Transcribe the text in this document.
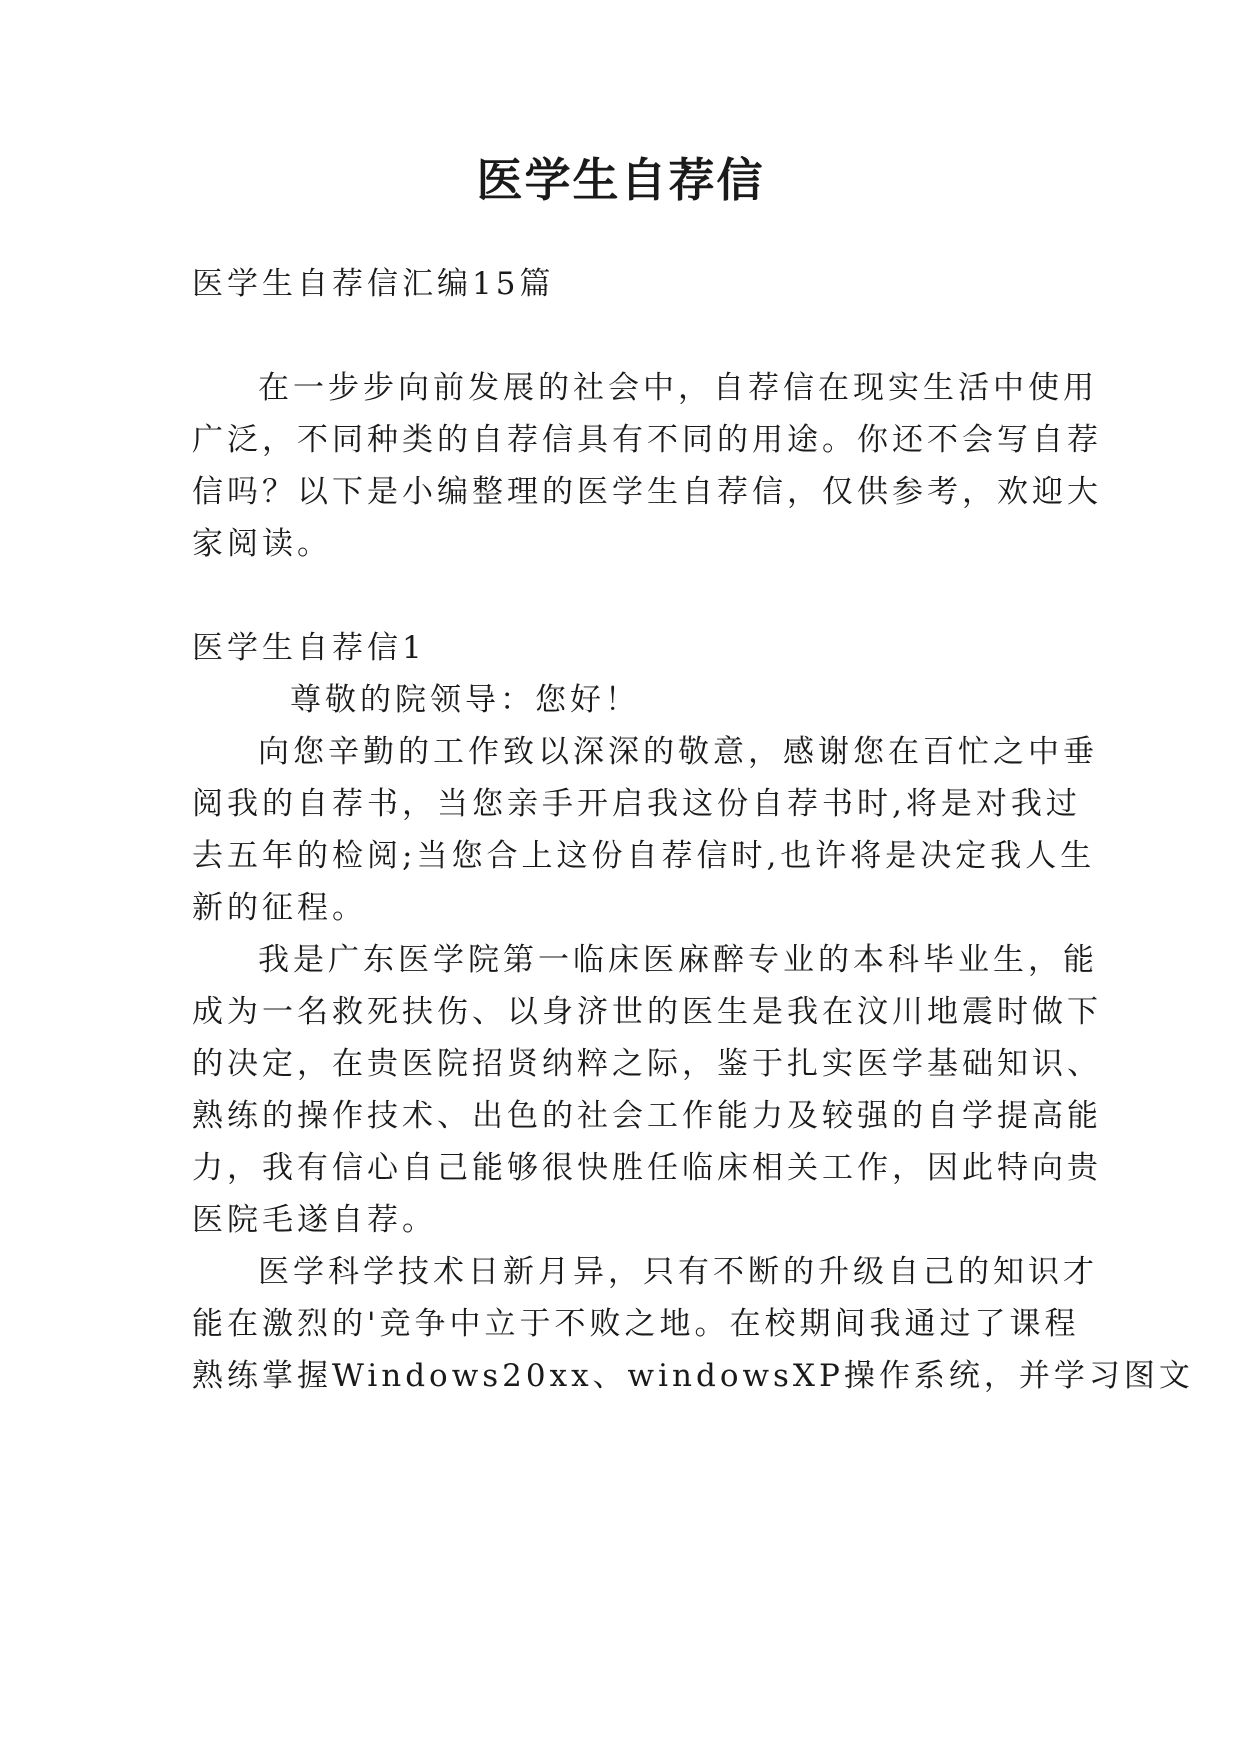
医学生自荐信

医学生自荐信汇编15篇

在一步步向前发展的社会中，自荐信在现实生活中使用

广泛，不同种类的自荐信具有不同的用途。你还不会写自荐

信吗？以下是小编整理的医学生自荐信，仅供参考，欢迎大

家阅读。

医学生自荐信1

尊敬的院领导：您好！

向您辛勤的工作致以深深的敬意，感谢您在百忙之中垂

阅我的自荐书，当您亲手开启我这份自荐书时,将是对我过

去五年的检阅;当您合上这份自荐信时,也许将是决定我人生

新的征程。

我是广东医学院第一临床医麻醉专业的本科毕业生，能

成为一名救死扶伤、以身济世的医生是我在汶川地震时做下

的决定，在贵医院招贤纳粹之际，鉴于扎实医学基础知识、

熟练的操作技术、出色的社会工作能力及较强的自学提高能

力，我有信心自己能够很快胜任临床相关工作，因此特向贵

医院毛遂自荐。

医学科学技术日新月异，只有不断的升级自己的知识才

能在激烈的'竞争中立于不败之地。在校期间我通过了课程

熟练掌握Windows20xx、windowsXP操作系统，并学习图文
